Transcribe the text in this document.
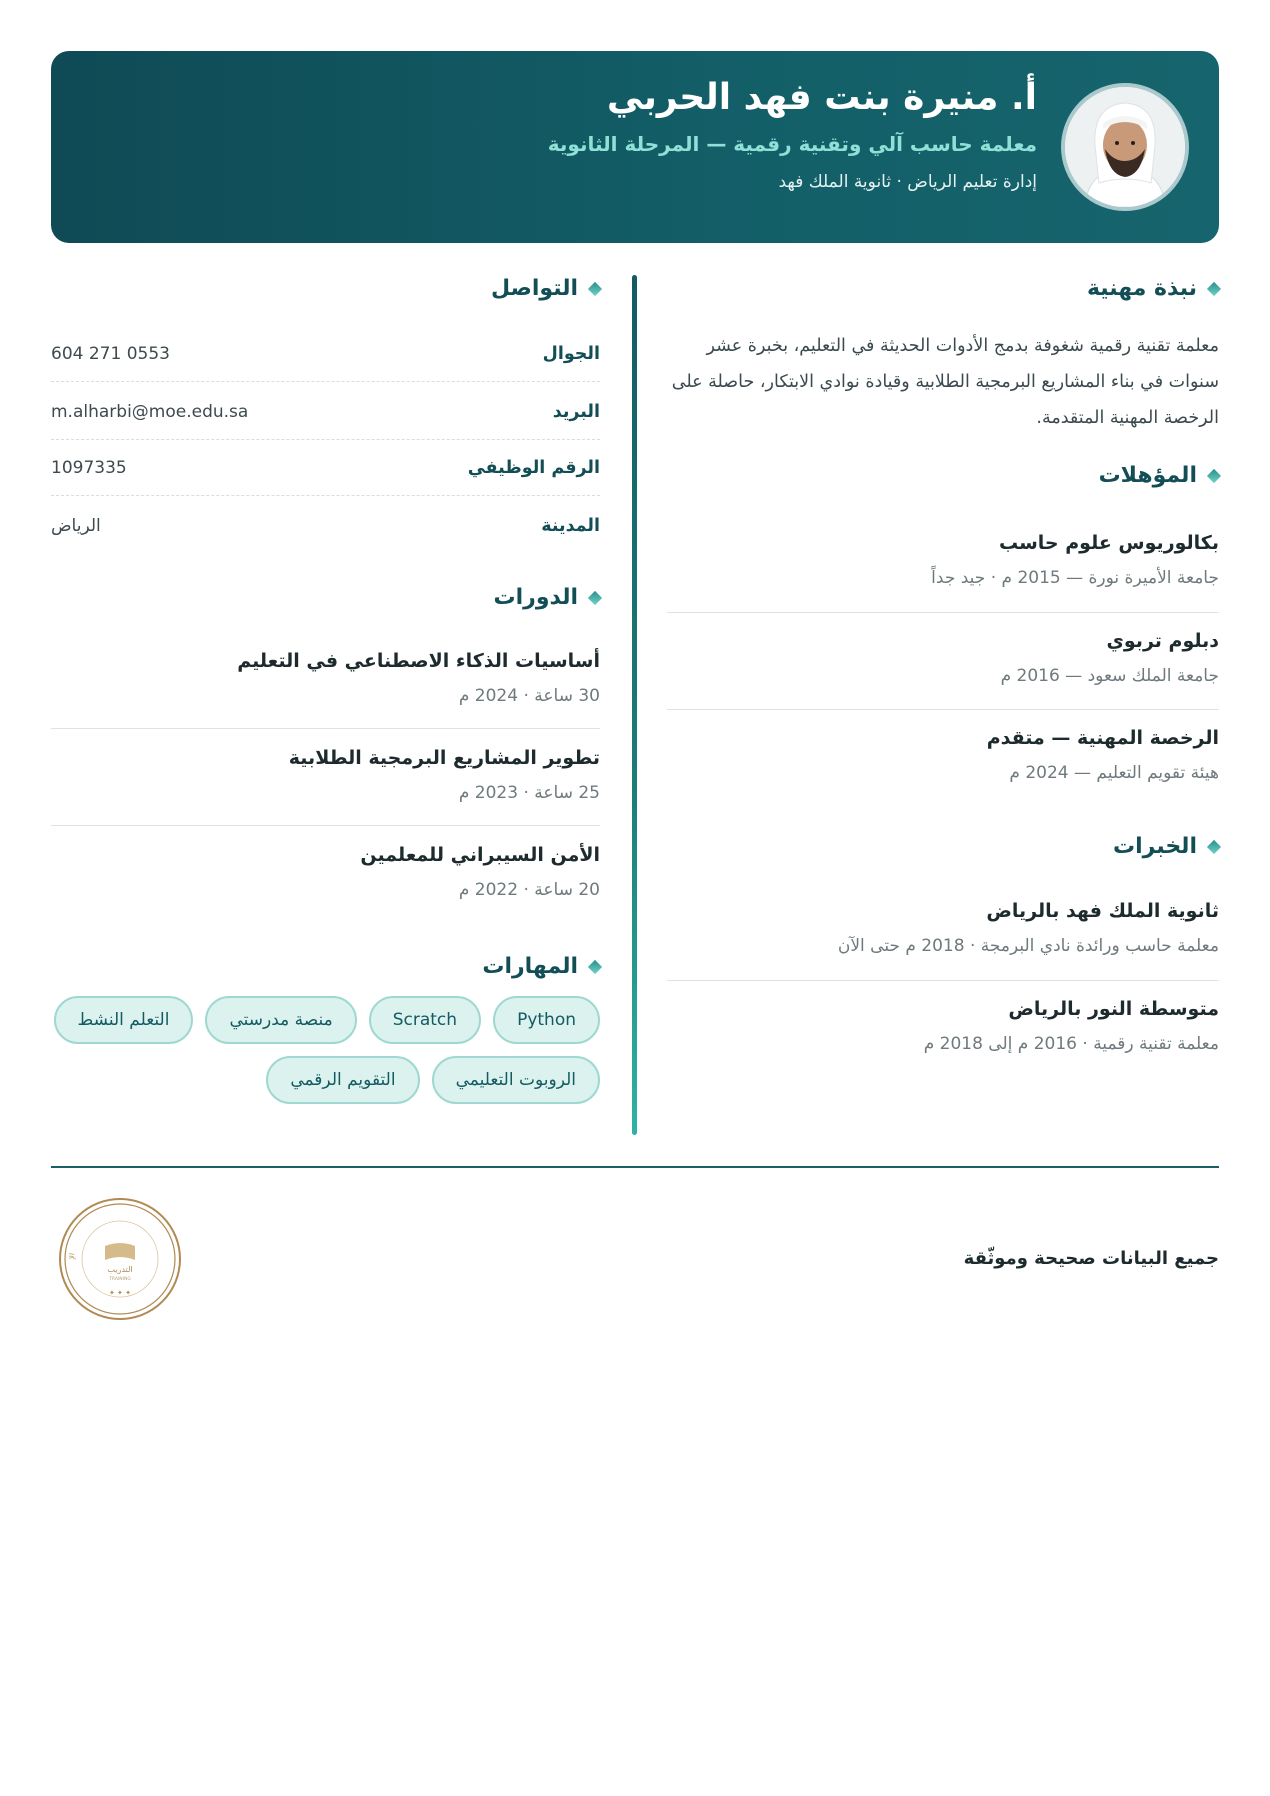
أ. منيرة بنت فهد الحربي
معلمة حاسب آلي وتقنية رقمية — المرحلة الثانوية
إدارة تعليم الرياض · ثانوية الملك فهد
نبذة مهنية
معلمة تقنية رقمية شغوفة بدمج الأدوات الحديثة في التعليم، بخبرة عشر سنوات في بناء المشاريع البرمجية الطلابية وقيادة نوادي الابتكار، حاصلة على الرخصة المهنية المتقدمة.
المؤهلات
بكالوريوس علوم حاسب
جامعة الأميرة نورة — 2015 م · جيد جداً
دبلوم تربوي
جامعة الملك سعود — 2016 م
الرخصة المهنية — متقدم
هيئة تقويم التعليم — 2024 م
الخبرات
ثانوية الملك فهد بالرياض
معلمة حاسب ورائدة نادي البرمجة · 2018 م حتى الآن
متوسطة النور بالرياض
معلمة تقنية رقمية · 2016 م إلى 2018 م
التواصل
الجوال
604 271 0553
البريد
m.alharbi@moe.edu.sa
الرقم الوظيفي
1097335
المدينة
الرياض
الدورات
أساسيات الذكاء الاصطناعي في التعليم
30 ساعة · 2024 م
تطوير المشاريع البرمجية الطلابية
25 ساعة · 2023 م
الأمن السيبراني للمعلمين
20 ساعة · 2022 م
المهارات
Python
Scratch
منصة مدرستي
التعلم النشط
الروبوت التعليمي
التقويم الرقمي
جميع البيانات صحيحة وموثّقة
الإ
التدريب
TRAINING
✦ ✦ ✦
